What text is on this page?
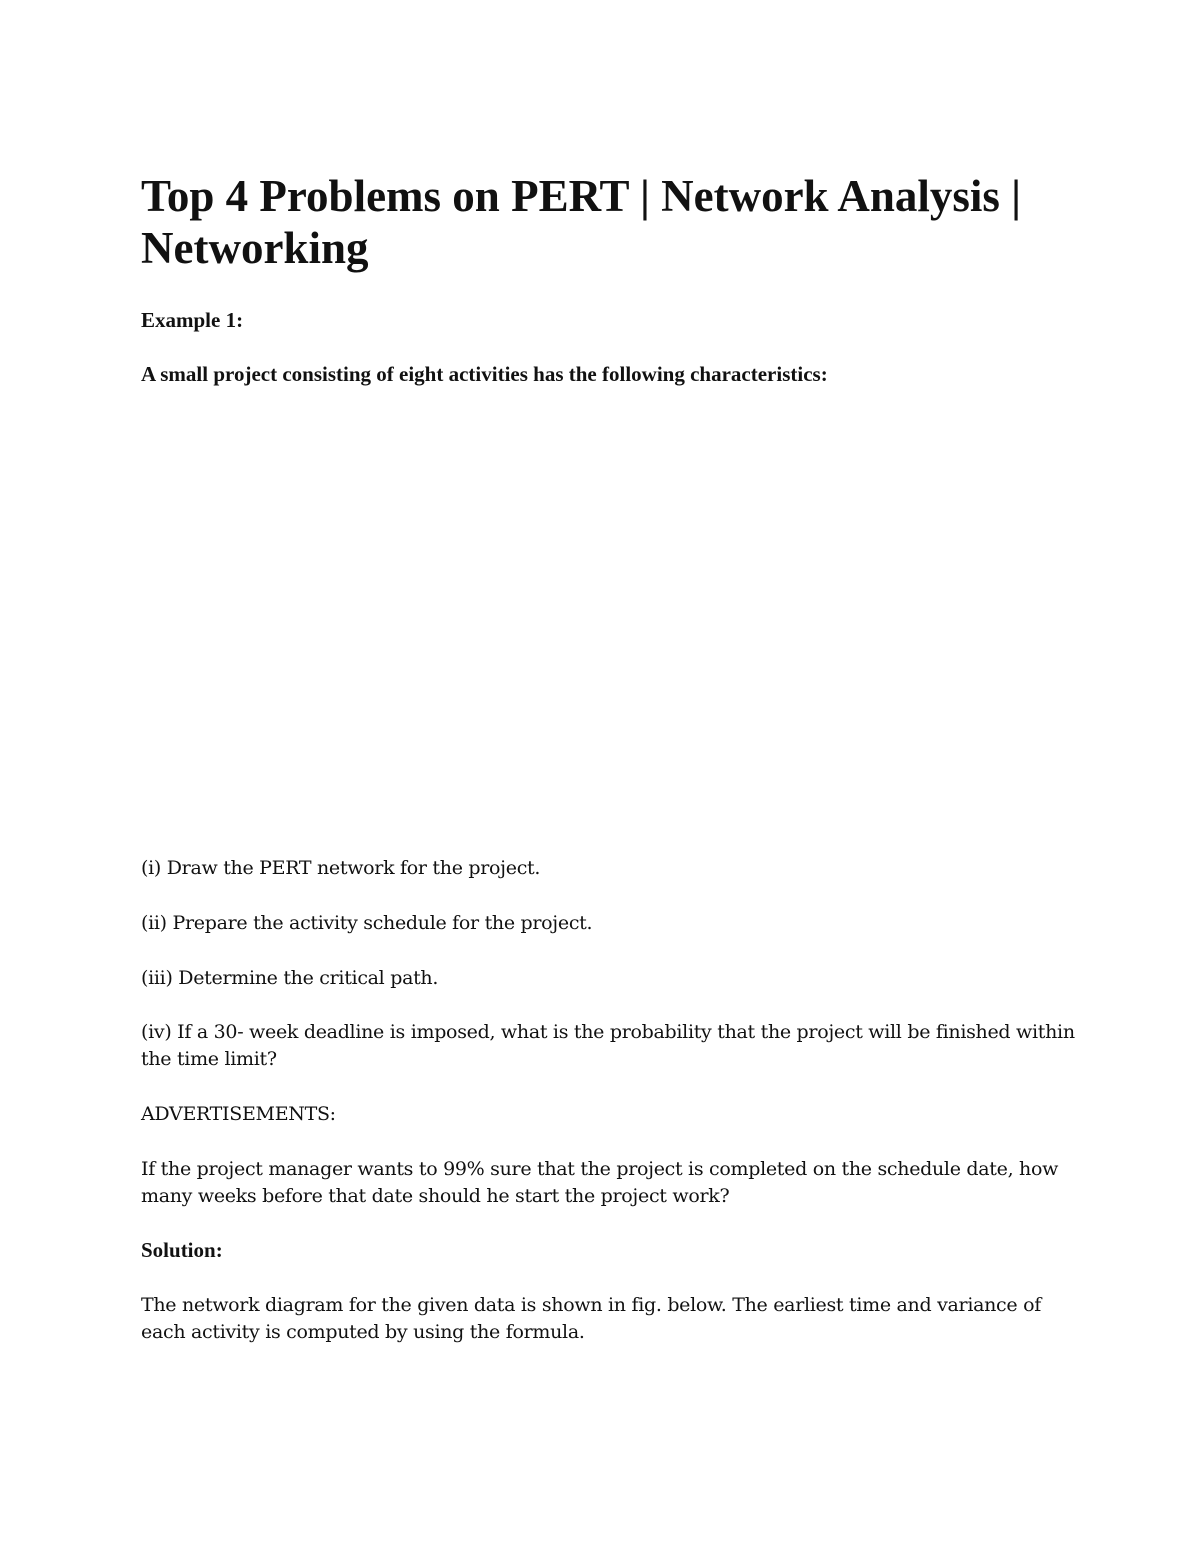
Top 4 Problems on PERT | Network Analysis | Networking

Example 1:

A small project consisting of eight activities has the following characteristics:

(i) Draw the PERT network for the project.

(ii) Prepare the activity schedule for the project.

(iii) Determine the critical path.

(iv) If a 30- week deadline is imposed, what is the probability that the project will be finished within the time limit?

ADVERTISEMENTS:

If the project manager wants to 99% sure that the project is completed on the schedule date, how many weeks before that date should he start the project work?

Solution:

The network diagram for the given data is shown in fig. below. The earliest time and variance of each activity is computed by using the formula.
